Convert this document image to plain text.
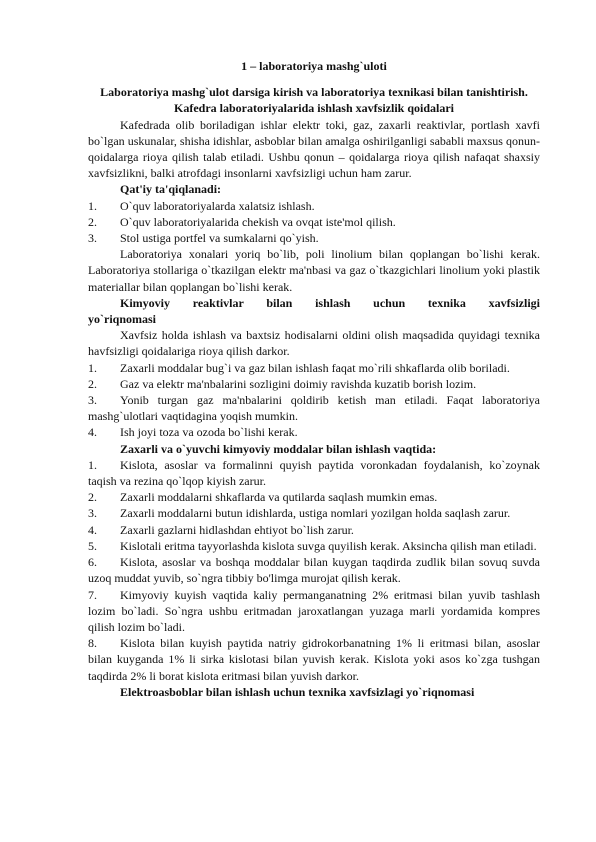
1 – laboratoriya mashg`uloti
Laboratoriya mashg`ulot darsiga kirish va laboratoriya texnikasi bilan tanishtirish.
Kafedra laboratoriyalarida ishlash xavfsizlik qoidalari

Kafedrada olib boriladigan ishlar elektr toki, gaz, zaxarli reaktivlar, portlash xavfi bo`lgan uskunalar, shisha idishlar, asboblar bilan amalga oshirilganligi sababli maxsus qonun-qoidalarga rioya qilish talab etiladi. Ushbu qonun – qoidalarga rioya qilish nafaqat shaxsiy xavfsizlikni, balki atrofdagi insonlarni xavfsizligi uchun ham zarur.

Qat'iy ta'qiqlanadi:

1. O`quv laboratoriyalarda xalatsiz ishlash.

2. O`quv laboratoriyalarida chekish va ovqat iste'mol qilish.

3. Stol ustiga portfel va sumkalarni qo`yish.

Laboratoriya xonalari yoriq bo`lib, poli linolium bilan qoplangan bo`lishi kerak. Laboratoriya stollariga o`tkazilgan elektr ma'nbasi va gaz o`tkazgichlari linolium yoki plastik materiallar bilan qoplangan bo`lishi kerak.

Kimyoviy reaktivlar bilan ishlash uchun texnika xavfsizligi yo`riqnomasi

Xavfsiz holda ishlash va baxtsiz hodisalarni oldini olish maqsadida quyidagi texnika havfsizligi qoidalariga rioya qilish darkor.

1. Zaxarli moddalar bug`i va gaz bilan ishlash faqat mo`rili shkaflarda olib boriladi.

2. Gaz va elektr ma'nbalarini sozligini doimiy ravishda kuzatib borish lozim.

3. Yonib turgan gaz ma'nbalarini qoldirib ketish man etiladi. Faqat laboratoriya mashg`ulotlari vaqtidagina yoqish mumkin.

4. Ish joyi toza va ozoda bo`lishi kerak.

Zaxarli va o`yuvchi kimyoviy moddalar bilan ishlash vaqtida:

1. Kislota, asoslar va formalinni quyish paytida voronkadan foydalanish, ko`zoynak taqish va rezina qo`lqop kiyish zarur.

2. Zaxarli moddalarni shkaflarda va qutilarda saqlash mumkin emas.

3. Zaxarli moddalarni butun idishlarda, ustiga nomlari yozilgan holda saqlash zarur.

4. Zaxarli gazlarni hidlashdan ehtiyot bo`lish zarur.

5. Kislotali eritma tayyorlashda kislota suvga quyilish kerak. Aksincha qilish man etiladi.

6. Kislota, asoslar va boshqa moddalar bilan kuygan taqdirda zudlik bilan sovuq suvda uzoq muddat yuvib, so`ngra tibbiy bo'limga murojat qilish kerak.

7. Kimyoviy kuyish vaqtida kaliy permanganatning 2% eritmasi bilan yuvib tashlash lozim bo`ladi. So`ngra ushbu eritmadan jaroxatlangan yuzaga marli yordamida kompres qilish lozim bo`ladi.

8. Kislota bilan kuyish paytida natriy gidrokorbanatning 1% li eritmasi bilan, asoslar bilan kuyganda 1% li sirka kislotasi bilan yuvish kerak. Kislota yoki asos ko`zga tushgan taqdirda 2% li borat kislota eritmasi bilan yuvish darkor.

Elektroasboblar bilan ishlash uchun texnika xavfsizlagi yo`riqnomasi
